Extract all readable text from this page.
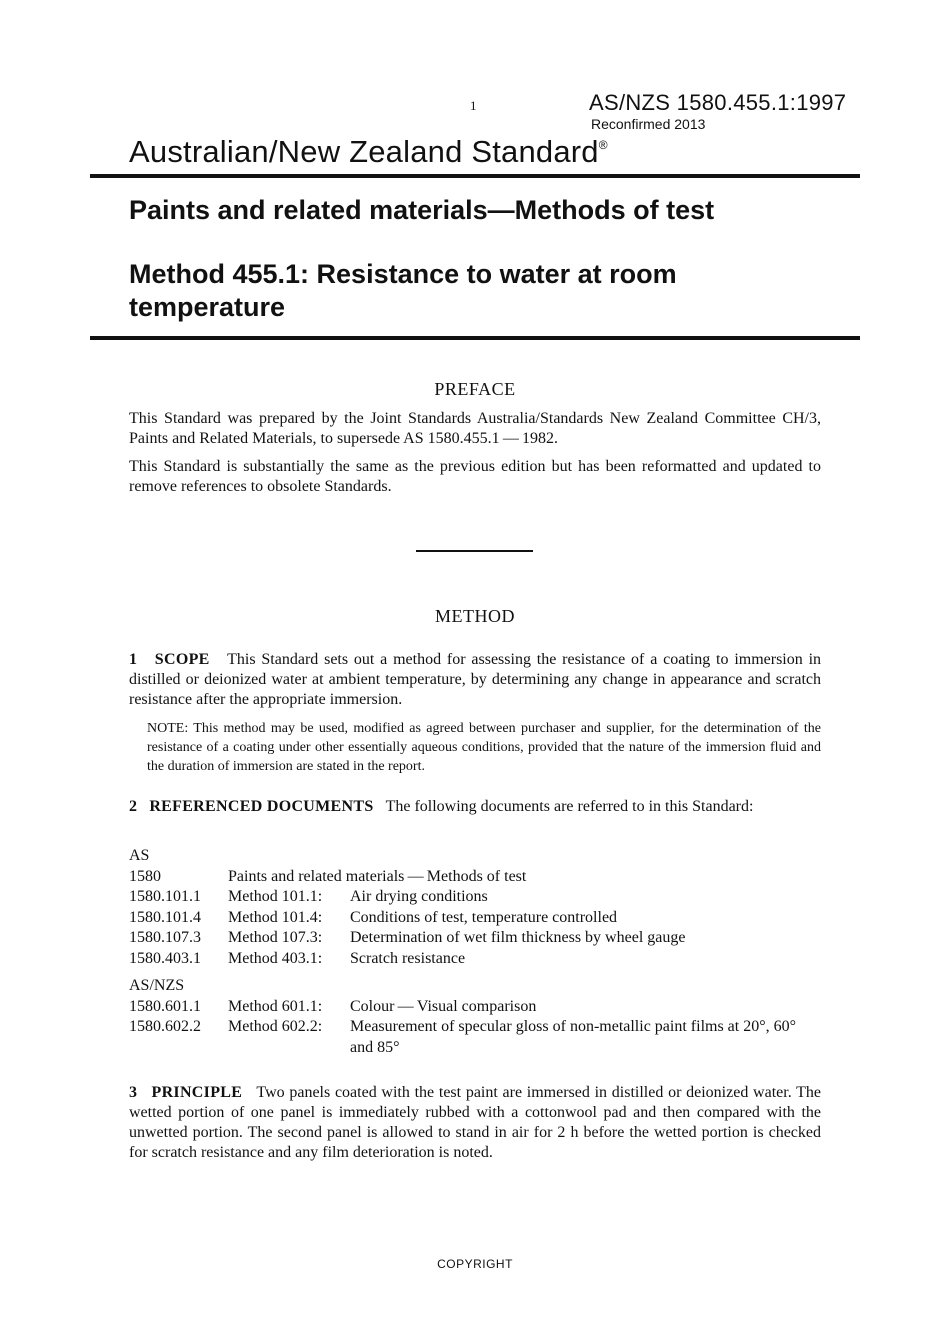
1	AS/NZS 1580.455.1:1997
Reconfirmed 2013
Australian/New Zealand Standard®
Paints and related materials—Methods of test
Method 455.1: Resistance to water at room temperature
PREFACE
This Standard was prepared by the Joint Standards Australia/Standards New Zealand Committee CH/3, Paints and Related Materials, to supersede AS 1580.455.1 — 1982.
This Standard is substantially the same as the previous edition but has been reformatted and updated to remove references to obsolete Standards.
METHOD
1 SCOPE This Standard sets out a method for assessing the resistance of a coating to immersion in distilled or deionized water at ambient temperature, by determining any change in appearance and scratch resistance after the appropriate immersion.
NOTE: This method may be used, modified as agreed between purchaser and supplier, for the determination of the resistance of a coating under other essentially aqueous conditions, provided that the nature of the immersion fluid and the duration of immersion are stated in the report.
2 REFERENCED DOCUMENTS The following documents are referred to in this Standard:
AS
1580	Paints and related materials — Methods of test
1580.101.1	Method 101.1:	Air drying conditions
1580.101.4	Method 101.4:	Conditions of test, temperature controlled
1580.107.3	Method 107.3:	Determination of wet film thickness by wheel gauge
1580.403.1	Method 403.1:	Scratch resistance
AS/NZS
1580.601.1	Method 601.1:	Colour — Visual comparison
1580.602.2	Method 602.2:	Measurement of specular gloss of non-metallic paint films at 20°, 60° and 85°
3 PRINCIPLE Two panels coated with the test paint are immersed in distilled or deionized water. The wetted portion of one panel is immediately rubbed with a cottonwool pad and then compared with the unwetted portion. The second panel is allowed to stand in air for 2 h before the wetted portion is checked for scratch resistance and any film deterioration is noted.
COPYRIGHT
